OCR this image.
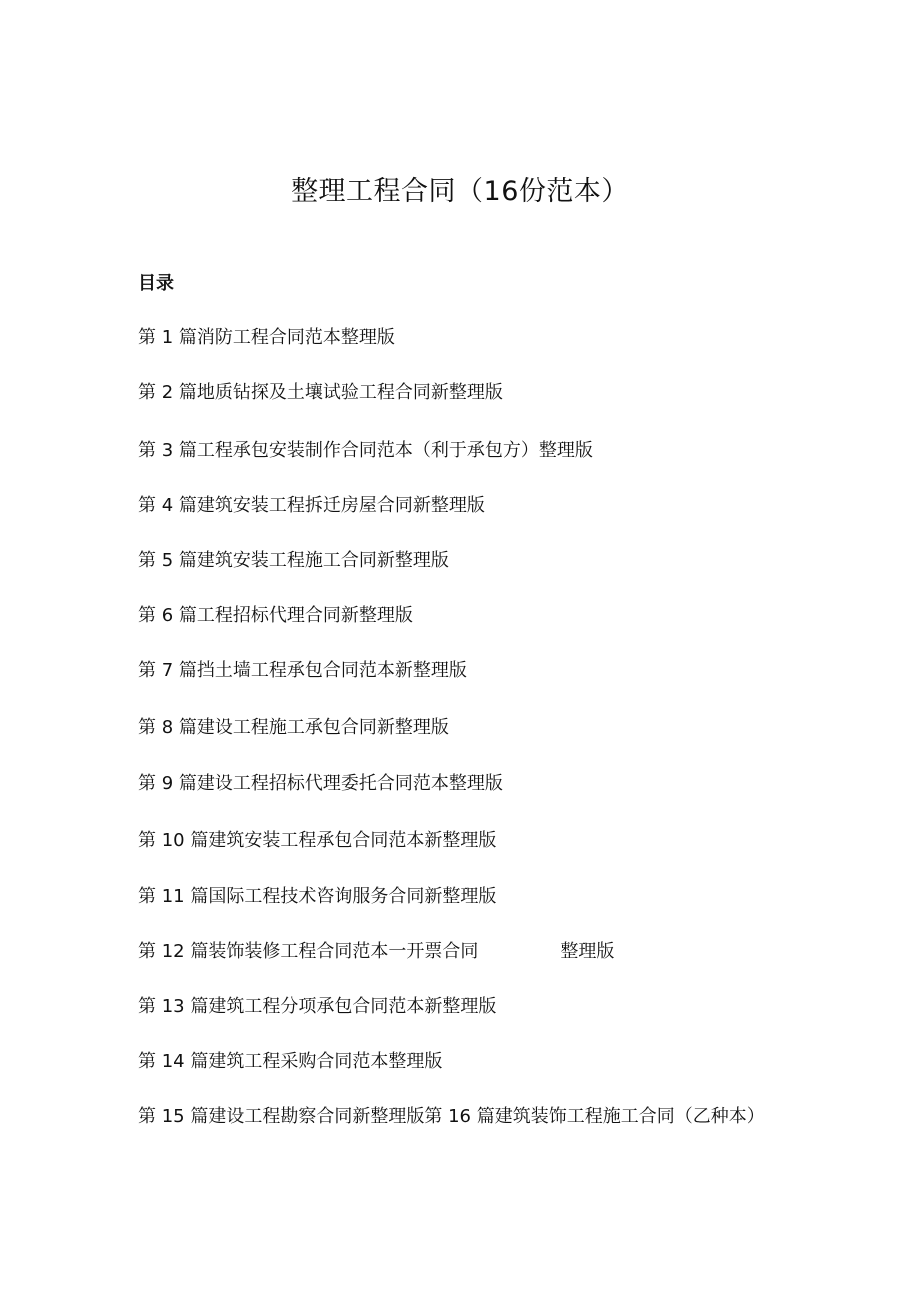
整理工程合同（16份范本）
目录
第 1 篇消防工程合同范本整理版
第 2 篇地质钻探及土壤试验工程合同新整理版
第 3 篇工程承包安装制作合同范本（利于承包方）整理版
第 4 篇建筑安装工程拆迁房屋合同新整理版
第 5 篇建筑安装工程施工合同新整理版
第 6 篇工程招标代理合同新整理版
第 7 篇挡土墙工程承包合同范本新整理版
第 8 篇建设工程施工承包合同新整理版
第 9 篇建设工程招标代理委托合同范本整理版
第 10 篇建筑安装工程承包合同范本新整理版
第 11 篇国际工程技术咨询服务合同新整理版
第 12 篇装饰装修工程合同范本一开票合同	整理版
第 13 篇建筑工程分项承包合同范本新整理版
第 14 篇建筑工程采购合同范本整理版
第 15 篇建设工程勘察合同新整理版第 16 篇建筑装饰工程施工合同（乙种本）
